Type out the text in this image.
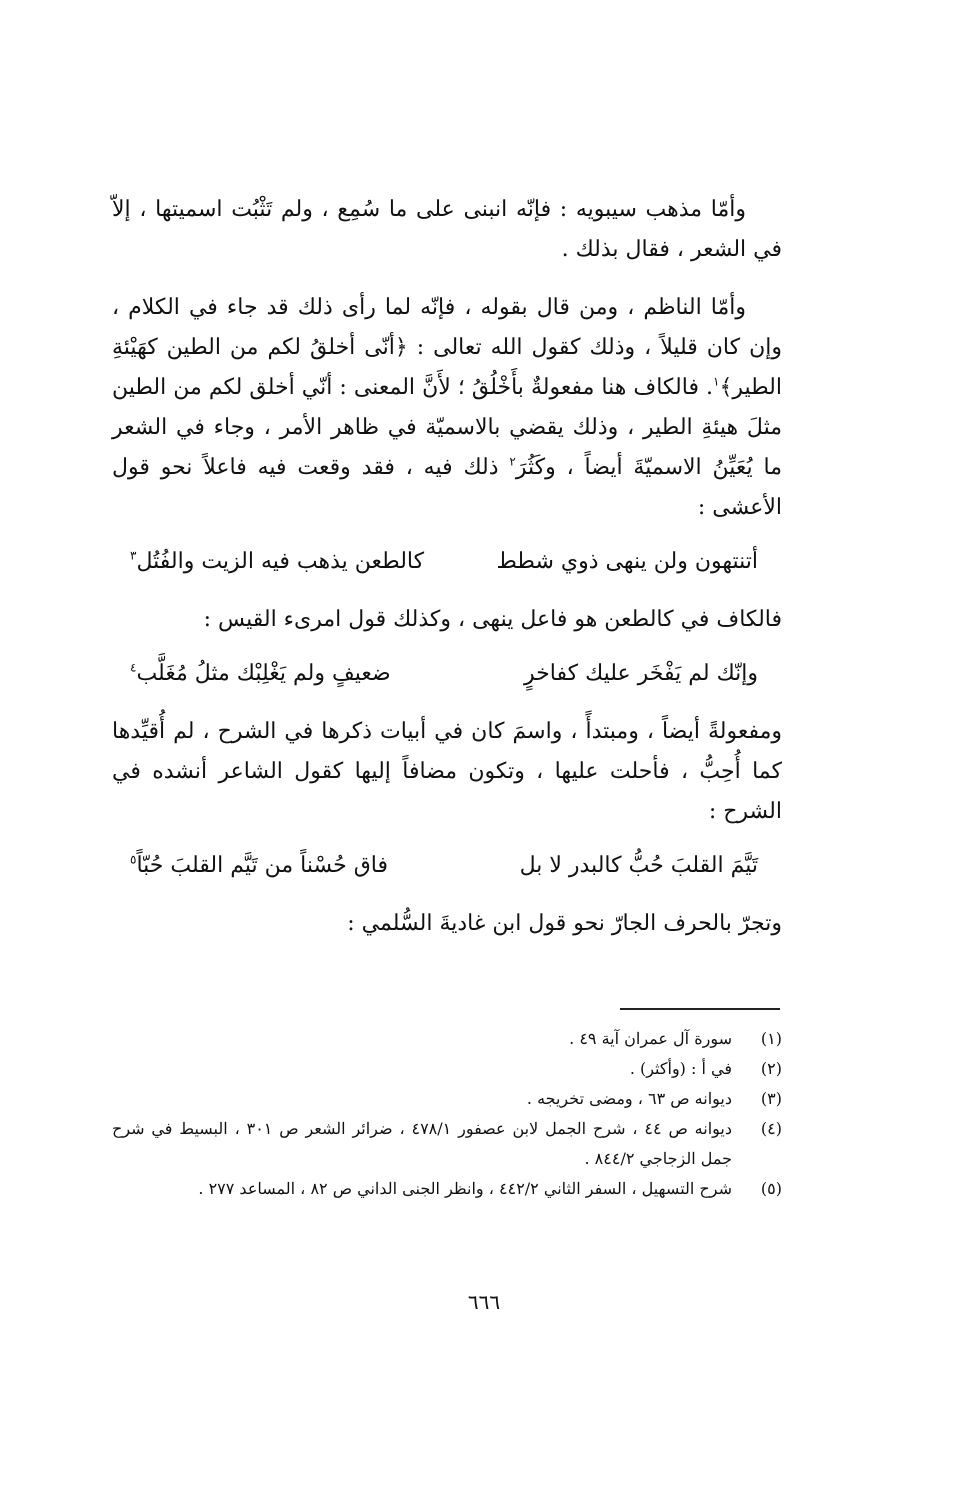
وأمّا مذهب سيبويه : فإنّه انبنى على ما سُمِع ، ولم تَثْبُت اسميتها ، إلاّ في الشعر ، فقال بذلك .

وأمّا الناظم ، ومن قال بقوله ، فإنّه لما رأى ذلك قد جاء في الكلام ، وإن كان قليلاً ، وذلك كقول الله تعالى : ﴿أنّى أخلقُ لكم من الطين كهَيْئةِ الطير﴾$^١$. فالكاف هنا مفعولةٌ بأَخْلُقُ ؛ لأَنَّ المعنى : أنّي أخلق لكم من الطين مثلَ هيئةِ الطير ، وذلك يقضي بالاسميّة في ظاهر الأمر ، وجاء في الشعر ما يُعَيِّنُ الاسميّةَ أيضاً ، وكَثُرَ$^٢$ ذلك فيه ، فقد وقعت فيه فاعلاً نحو قول الأعشى :

أتنتهون ولن ينهى ذوي شطط
كالطعن يذهب فيه الزيت والفُتُل$^٣$

فالكاف في كالطعن هو فاعل ينهى ، وكذلك قول امرىء القيس :

وإنّك لم يَفْخَر عليك كفاخرٍ
ضعيفٍ ولم يَغْلِبْك مثلُ مُغَلَّب$^٤$

ومفعولةً أيضاً ، ومبتدأً ، واسمَ كان في أبيات ذكرها في الشرح ، لم أُقيِّدها كما أُحِبُّ ، فأحلت عليها ، وتكون مضافاً إليها كقول الشاعر أنشده في الشرح :

تَيَّمَ القلبَ حُبُّ كالبدر لا بل
فاق حُسْناً من تَيَّم القلبَ حُبّاً$^٥$

وتجرّ بالحرف الجارّ نحو قول ابن غاديةَ السُّلمي :

(١)
سورة آل عمران آية ٤٩ .
(٢)
في أ : (وأكثر) .
(٣)
ديوانه ص ٦٣ ، ومضى تخريجه .
(٤)
ديوانه ص ٤٤ ، شرح الجمل لابن عصفور ٤٧٨/١ ، ضرائر الشعر ص ٣٠١ ، البسيط في شرح جمل الزجاجي ٨٤٤/٢ .
(٥)
شرح التسهيل ، السفر الثاني ٤٤٢/٢ ، وانظر الجنى الداني ص ٨٢ ، المساعد ٢٧٧ .
٦٦٦
